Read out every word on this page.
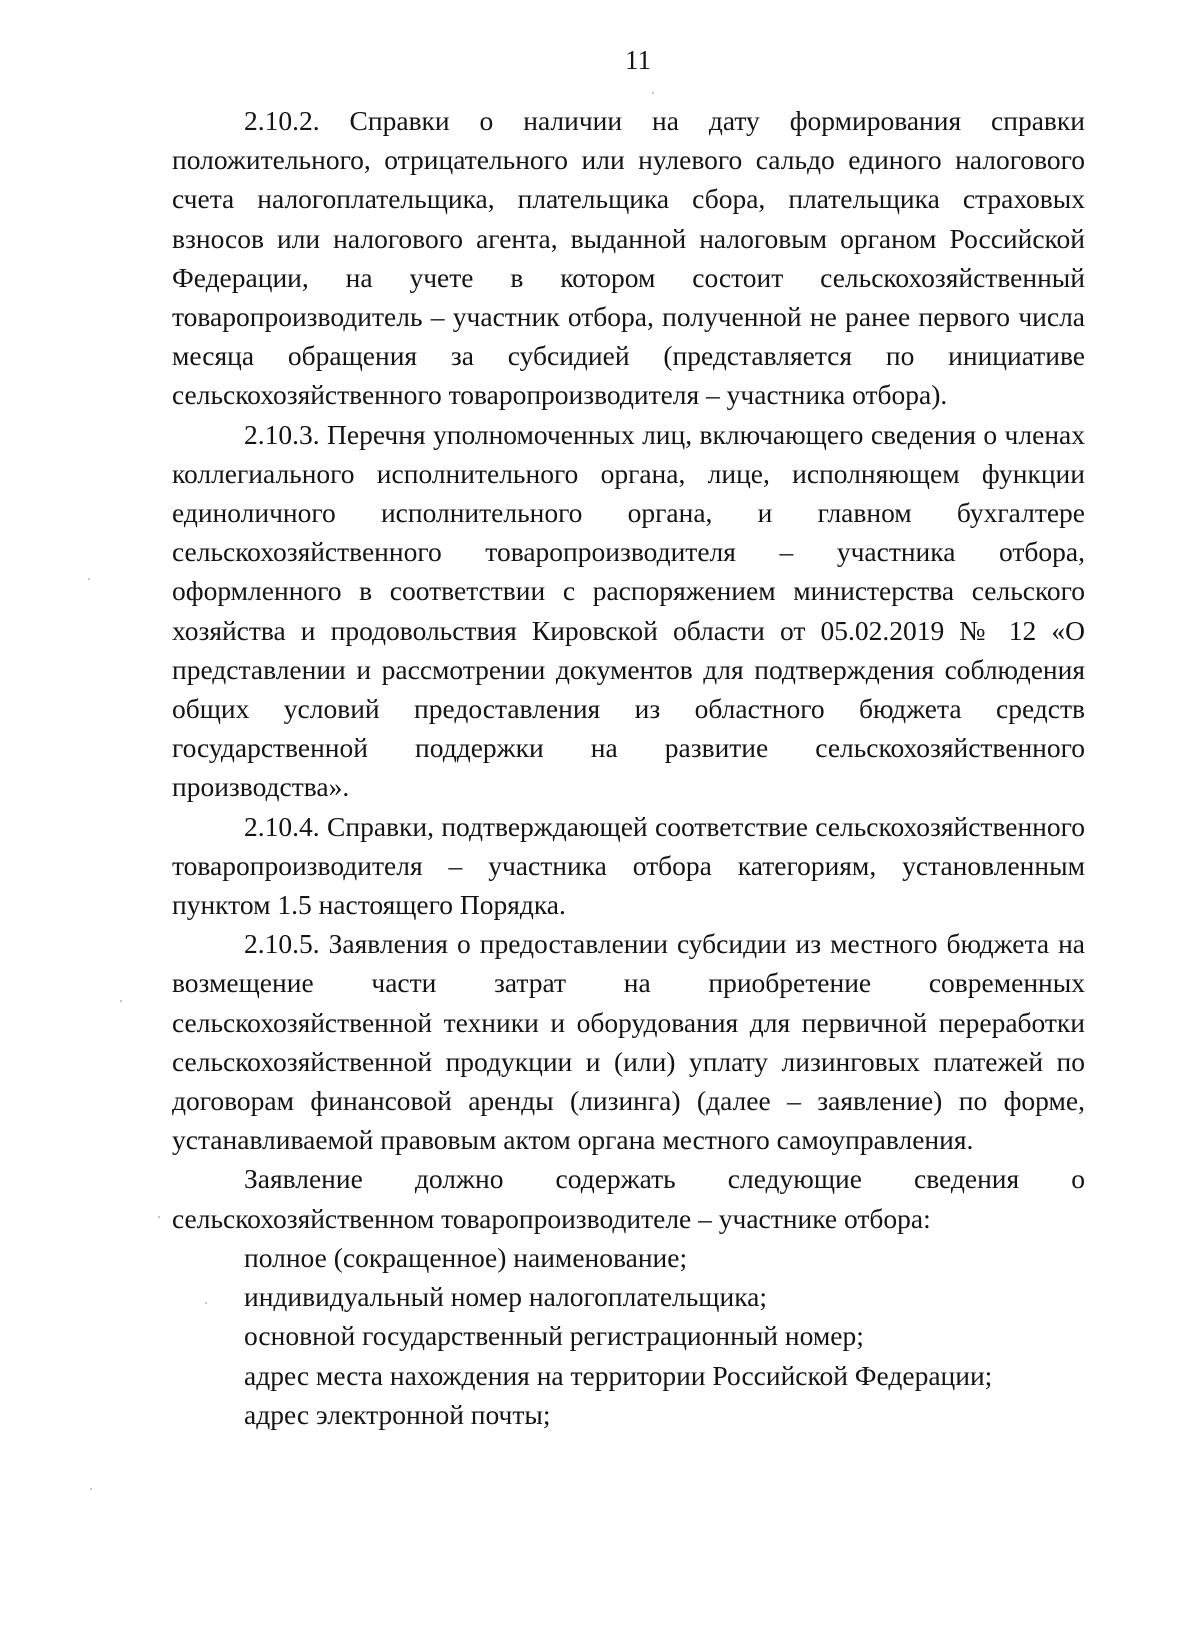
11

2.10.2. Справки о наличии на дату формирования справки положительного, отрицательного или нулевого сальдо единого налогового счета налогоплательщика, плательщика сбора, плательщика страховых взносов или налогового агента, выданной налоговым органом Российской Федерации, на учете в котором состоит сельскохозяйственный товаропроизводитель – участник отбора, полученной не ранее первого числа месяца обращения за субсидией (представляется по инициативе сельскохозяйственного товаропроизводителя – участника отбора).

2.10.3. Перечня уполномоченных лиц, включающего сведения о членах коллегиального исполнительного органа, лице, исполняющем функции единоличного исполнительного органа, и главном бухгалтере сельскохозяйственного товаропроизводителя – участника отбора, оформленного в соответствии с распоряжением министерства сельского хозяйства и продовольствия Кировской области от 05.02.2019 № 12 «О представлении и рассмотрении документов для подтверждения соблюдения общих условий предоставления из областного бюджета средств государственной поддержки на развитие сельскохозяйственного производства».

2.10.4. Справки, подтверждающей соответствие сельскохозяйственного товаропроизводителя – участника отбора категориям, установленным пунктом 1.5 настоящего Порядка.

2.10.5. Заявления о предоставлении субсидии из местного бюджета на возмещение части затрат на приобретение современных сельскохозяйственной техники и оборудования для первичной переработки сельскохозяйственной продукции и (или) уплату лизинговых платежей по договорам финансовой аренды (лизинга) (далее – заявление) по форме, устанавливаемой правовым актом органа местного самоуправления.

Заявление должно содержать следующие сведения о сельскохозяйственном товаропроизводителе – участнике отбора:

полное (сокращенное) наименование;

индивидуальный номер налогоплательщика;

основной государственный регистрационный номер;

адрес места нахождения на территории Российской Федерации;

адрес электронной почты;
